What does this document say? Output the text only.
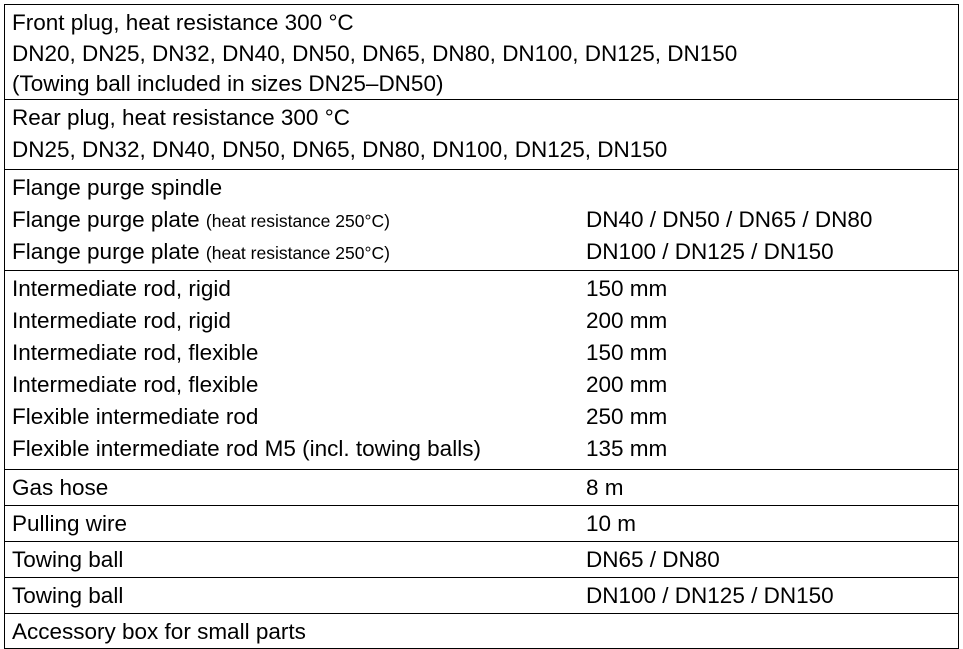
Front plug, heat resistance 300 °C
DN20, DN25, DN32, DN40, DN50, DN65, DN80, DN100, DN125, DN150
(Towing ball included in sizes DN25–DN50)
Rear plug, heat resistance 300 °C
DN25, DN32, DN40, DN50, DN65, DN80, DN100, DN125, DN150
Flange purge spindle
Flange purge plate (heat resistance 250°C)	DN40 / DN50 / DN65 / DN80
Flange purge plate (heat resistance 250°C)	DN100 / DN125 / DN150
Intermediate rod, rigid	150 mm
Intermediate rod, rigid	200 mm
Intermediate rod, flexible	150 mm
Intermediate rod, flexible	200 mm
Flexible intermediate rod	250 mm
Flexible intermediate rod M5 (incl. towing balls)	135 mm
Gas hose	8 m
Pulling wire	10 m
Towing ball	DN65 / DN80
Towing ball	DN100 / DN125 / DN150
Accessory box for small parts
